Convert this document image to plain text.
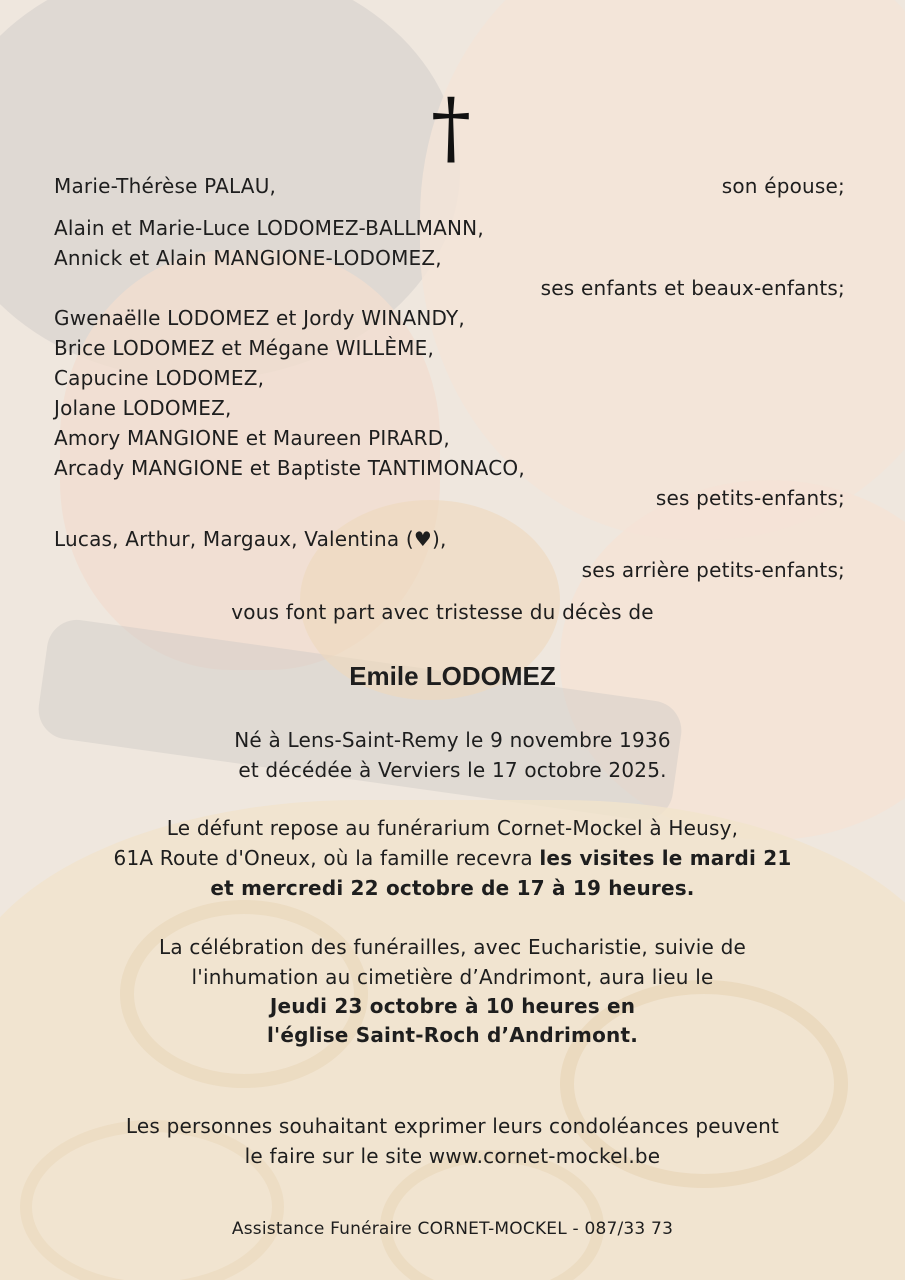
†
Marie-Thérèse PALAU,	son épouse;
Alain et Marie-Luce LODOMEZ-BALLMANN,
Annick et Alain MANGIONE-LODOMEZ,
ses enfants et beaux-enfants;
Gwenaëlle LODOMEZ et Jordy WINANDY,
Brice LODOMEZ et Mégane WILLÈME,
Capucine LODOMEZ,
Jolane LODOMEZ,
Amory MANGIONE et Maureen PIRARD,
Arcady MANGIONE et Baptiste TANTIMONACO,
ses petits-enfants;
Lucas, Arthur, Margaux, Valentina (♥),
ses arrière petits-enfants;
vous font part avec tristesse du décès de
Emile LODOMEZ
Né à Lens-Saint-Remy le 9 novembre 1936
et décédée à Verviers le 17 octobre 2025.
Le défunt repose au funérarium Cornet-Mockel à Heusy,
61A Route d'Oneux, où la famille recevra les visites le mardi 21
et mercredi 22 octobre de 17 à 19 heures.
La célébration des funérailles, avec Eucharistie, suivie de
l'inhumation au cimetière d’Andrimont, aura lieu le
Jeudi 23 octobre à 10 heures en
l'église Saint-Roch d’Andrimont.
Les personnes souhaitant exprimer leurs condoléances peuvent
le faire sur le site www.cornet-mockel.be
Assistance Funéraire CORNET-MOCKEL - 087/33 73
